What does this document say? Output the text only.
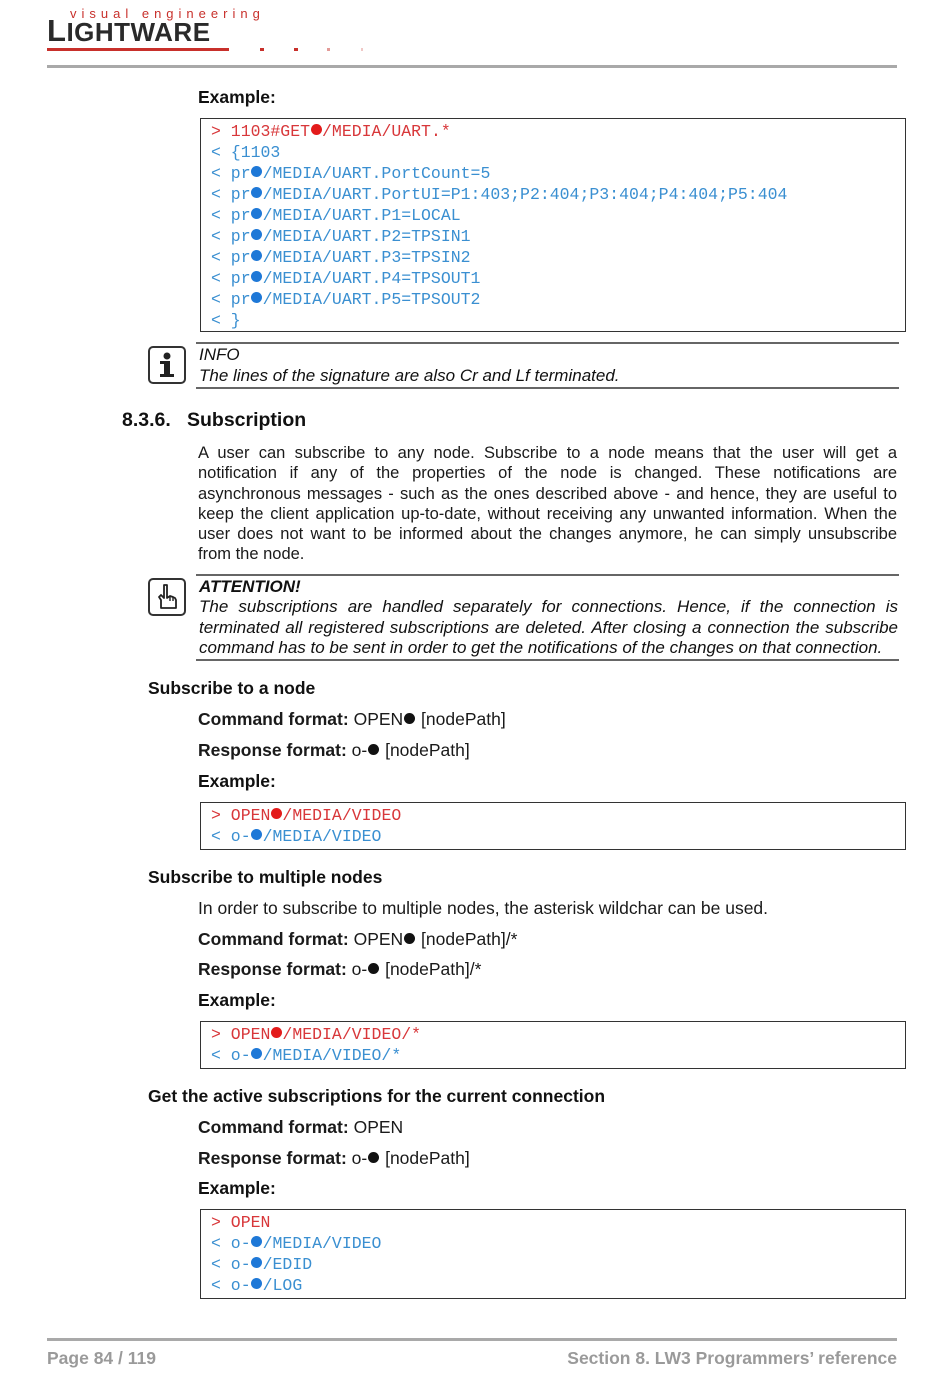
visual engineering
LIGHTWARE
Example:
> 1103#GET /MEDIA/UART.*
< {1103
< pr /MEDIA/UART.PortCount=5
< pr /MEDIA/UART.PortUI=P1:403;P2:404;P3:404;P4:404;P5:404
< pr /MEDIA/UART.P1=LOCAL
< pr /MEDIA/UART.P2=TPSIN1
< pr /MEDIA/UART.P3=TPSIN2
< pr /MEDIA/UART.P4=TPSOUT1
< pr /MEDIA/UART.P5=TPSOUT2
< }
INFO
The lines of the signature are also Cr and Lf terminated.
8.3.6. Subscription
A user can subscribe to any node. Subscribe to a node means that the user will get a notification if any of the properties of the node is changed. These notifications are asynchronous messages - such as the ones described above - and hence, they are useful to keep the client application up-to-date, without receiving any unwanted information. When the user does not want to be informed about the changes anymore, he can simply unsubscribe from the node.
ATTENTION!
The subscriptions are handled separately for connections. Hence, if the connection is terminated all registered subscriptions are deleted. After closing a connection the subscribe command has to be sent in order to get the notifications of the changes on that connection.
Subscribe to a node
Command format: OPEN [nodePath]
Response format: o- [nodePath]
Example:
> OPEN /MEDIA/VIDEO
< o- /MEDIA/VIDEO
Subscribe to multiple nodes
In order to subscribe to multiple nodes, the asterisk wildchar can be used.
Command format: OPEN [nodePath]/*
Response format: o- [nodePath]/*
Example:
> OPEN /MEDIA/VIDEO/*
< o- /MEDIA/VIDEO/*
Get the active subscriptions for the current connection
Command format: OPEN
Response format: o- [nodePath]
Example:
> OPEN
< o- /MEDIA/VIDEO
< o- /EDID
< o- /LOG
Page 84 / 119	Section 8. LW3 Programmers’ reference
